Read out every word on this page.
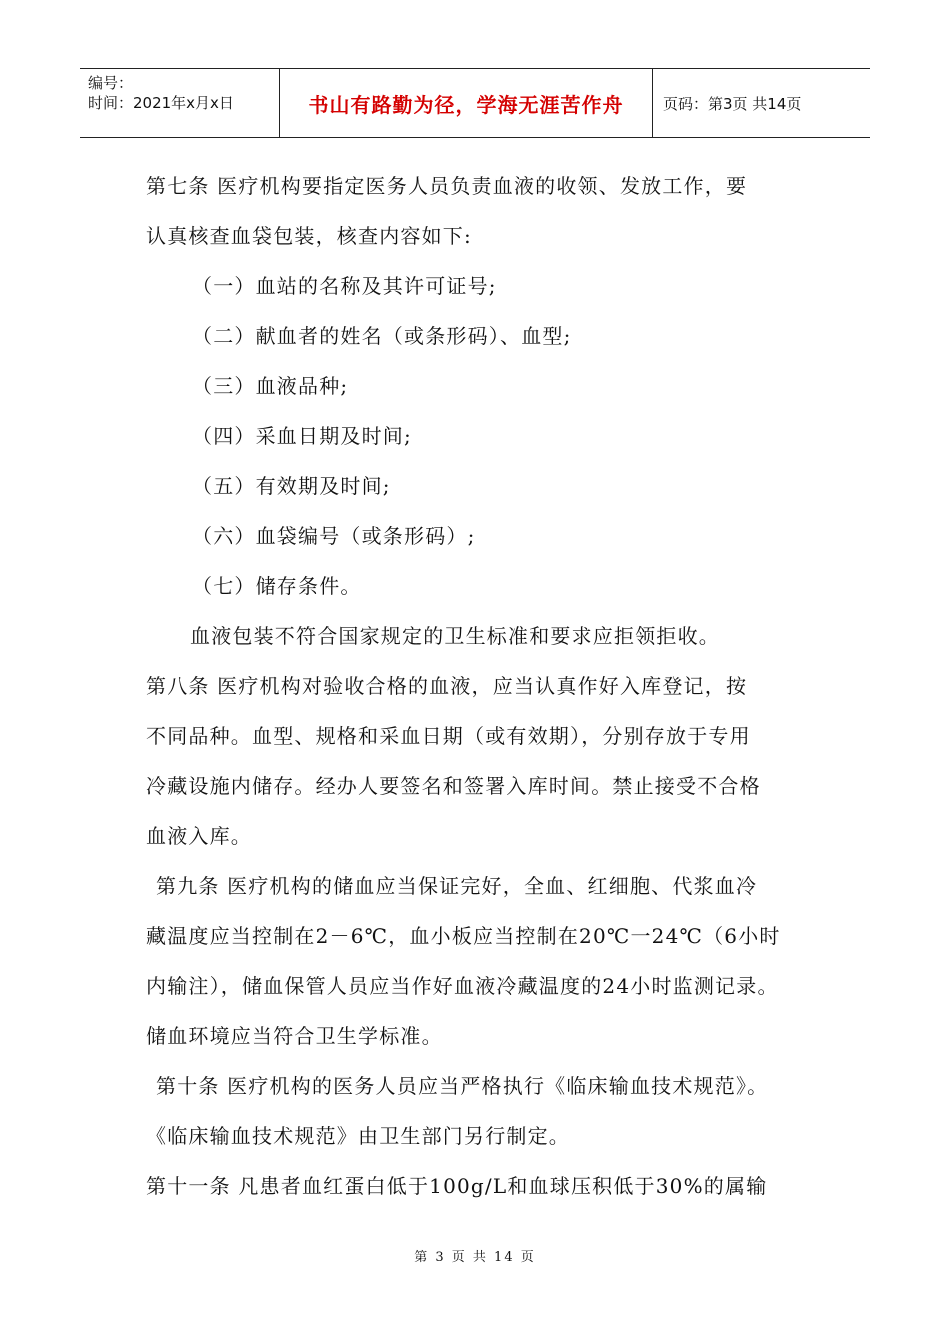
编号：
时间：2021年x月x日	书山有路勤为径，学海无涯苦作舟	页码：第3页 共14页
第七条 医疗机构要指定医务人员负责血液的收领、发放工作，要
认真核查血袋包装，核查内容如下:
（一）血站的名称及其许可证号;
（二）献血者的姓名（或条形码）、血型;
（三）血液品种;
（四）采血日期及时间;
（五）有效期及时间;
（六）血袋编号（或条形码）;
（七）储存条件。
血液包装不符合国家规定的卫生标准和要求应拒领拒收。
第八条 医疗机构对验收合格的血液，应当认真作好入库登记，按
不同品种。血型、规格和采血日期（或有效期），分别存放于专用
冷藏设施内储存。经办人要签名和签署入库时间。禁止接受不合格
血液入库。
第九条 医疗机构的储血应当保证完好，全血、红细胞、代浆血冷
藏温度应当控制在2－6℃，血小板应当控制在20℃一24℃（6小时
内输注），储血保管人员应当作好血液冷藏温度的24小时监测记录。
储血环境应当符合卫生学标准。
第十条 医疗机构的医务人员应当严格执行《临床输血技术规范》。
《临床输血技术规范》由卫生部门另行制定。
第十一条 凡患者血红蛋白低于100g/L和血球压积低于30%的属输
第 3 页 共 14 页
